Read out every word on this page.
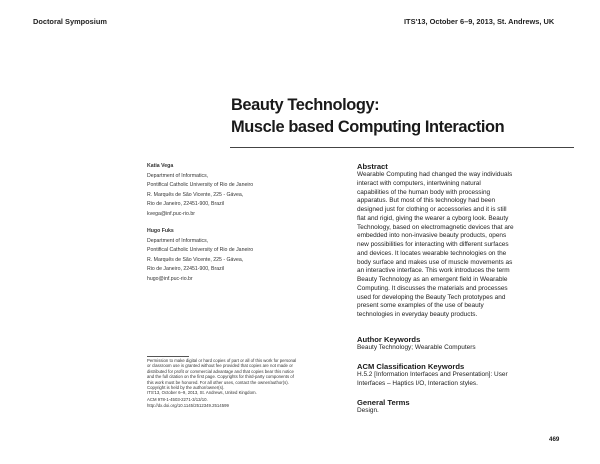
Doctoral Symposium	ITS'13, October 6–9, 2013, St. Andrews, UK
Beauty Technology:
Muscle based Computing Interaction
Katia Vega
Department of Informatics,
Pontifical Catholic University of Rio de Janeiro
R. Marquês de São Vicente, 225 - Gávea,
Rio de Janeiro, 22451-900, Brazil
kvega@inf.puc-rio.br
Hugo Fuks
Department of Informatics,
Pontifical Catholic University of Rio de Janeiro
R. Marquês de São Vicente, 225 - Gávea,
Rio de Janeiro, 22451-900, Brazil
hugo@inf.puc-rio.br
Permission to make digital or hard copies of part or all of this work for personal
or classroom use is granted without fee provided that copies are not made or
distributed for profit or commercial advantage and that copies bear this notice
and the full citation on the first page. Copyrights for third-party components of
this work must be honored. For all other uses, contact the owner/author(s).
Copyright is held by the author/owner(s).
ITS'13, October 6–9, 2013, St. Andrews, United Kingdom.
ACM 978-1-4503-2271-3/13/10.
http://dx.doi.org/10.1145/2512349.2514599
Abstract
Wearable Computing had changed the way individuals
interact with computers, intertwining natural
capabilities of the human body with processing
apparatus. But most of this technology had been
designed just for clothing or accessories and it is still
flat and rigid, giving the wearer a cyborg look. Beauty
Technology, based on electromagnetic devices that are
embedded into non-invasive beauty products, opens
new possibilities for interacting with different surfaces
and devices. It locates wearable technologies on the
body surface and makes use of muscle movements as
an interactive interface. This work introduces the term
Beauty Technology as an emergent field in Wearable
Computing. It discusses the materials and processes
used for developing the Beauty Tech prototypes and
present some examples of the use of beauty
technologies in everyday beauty products.
Author Keywords
Beauty Technology; Wearable Computers
ACM Classification Keywords
H.5.2 [Information Interfaces and Presentation]: User
Interfaces – Haptics I/O, Interaction styles.
General Terms
Design.
469
